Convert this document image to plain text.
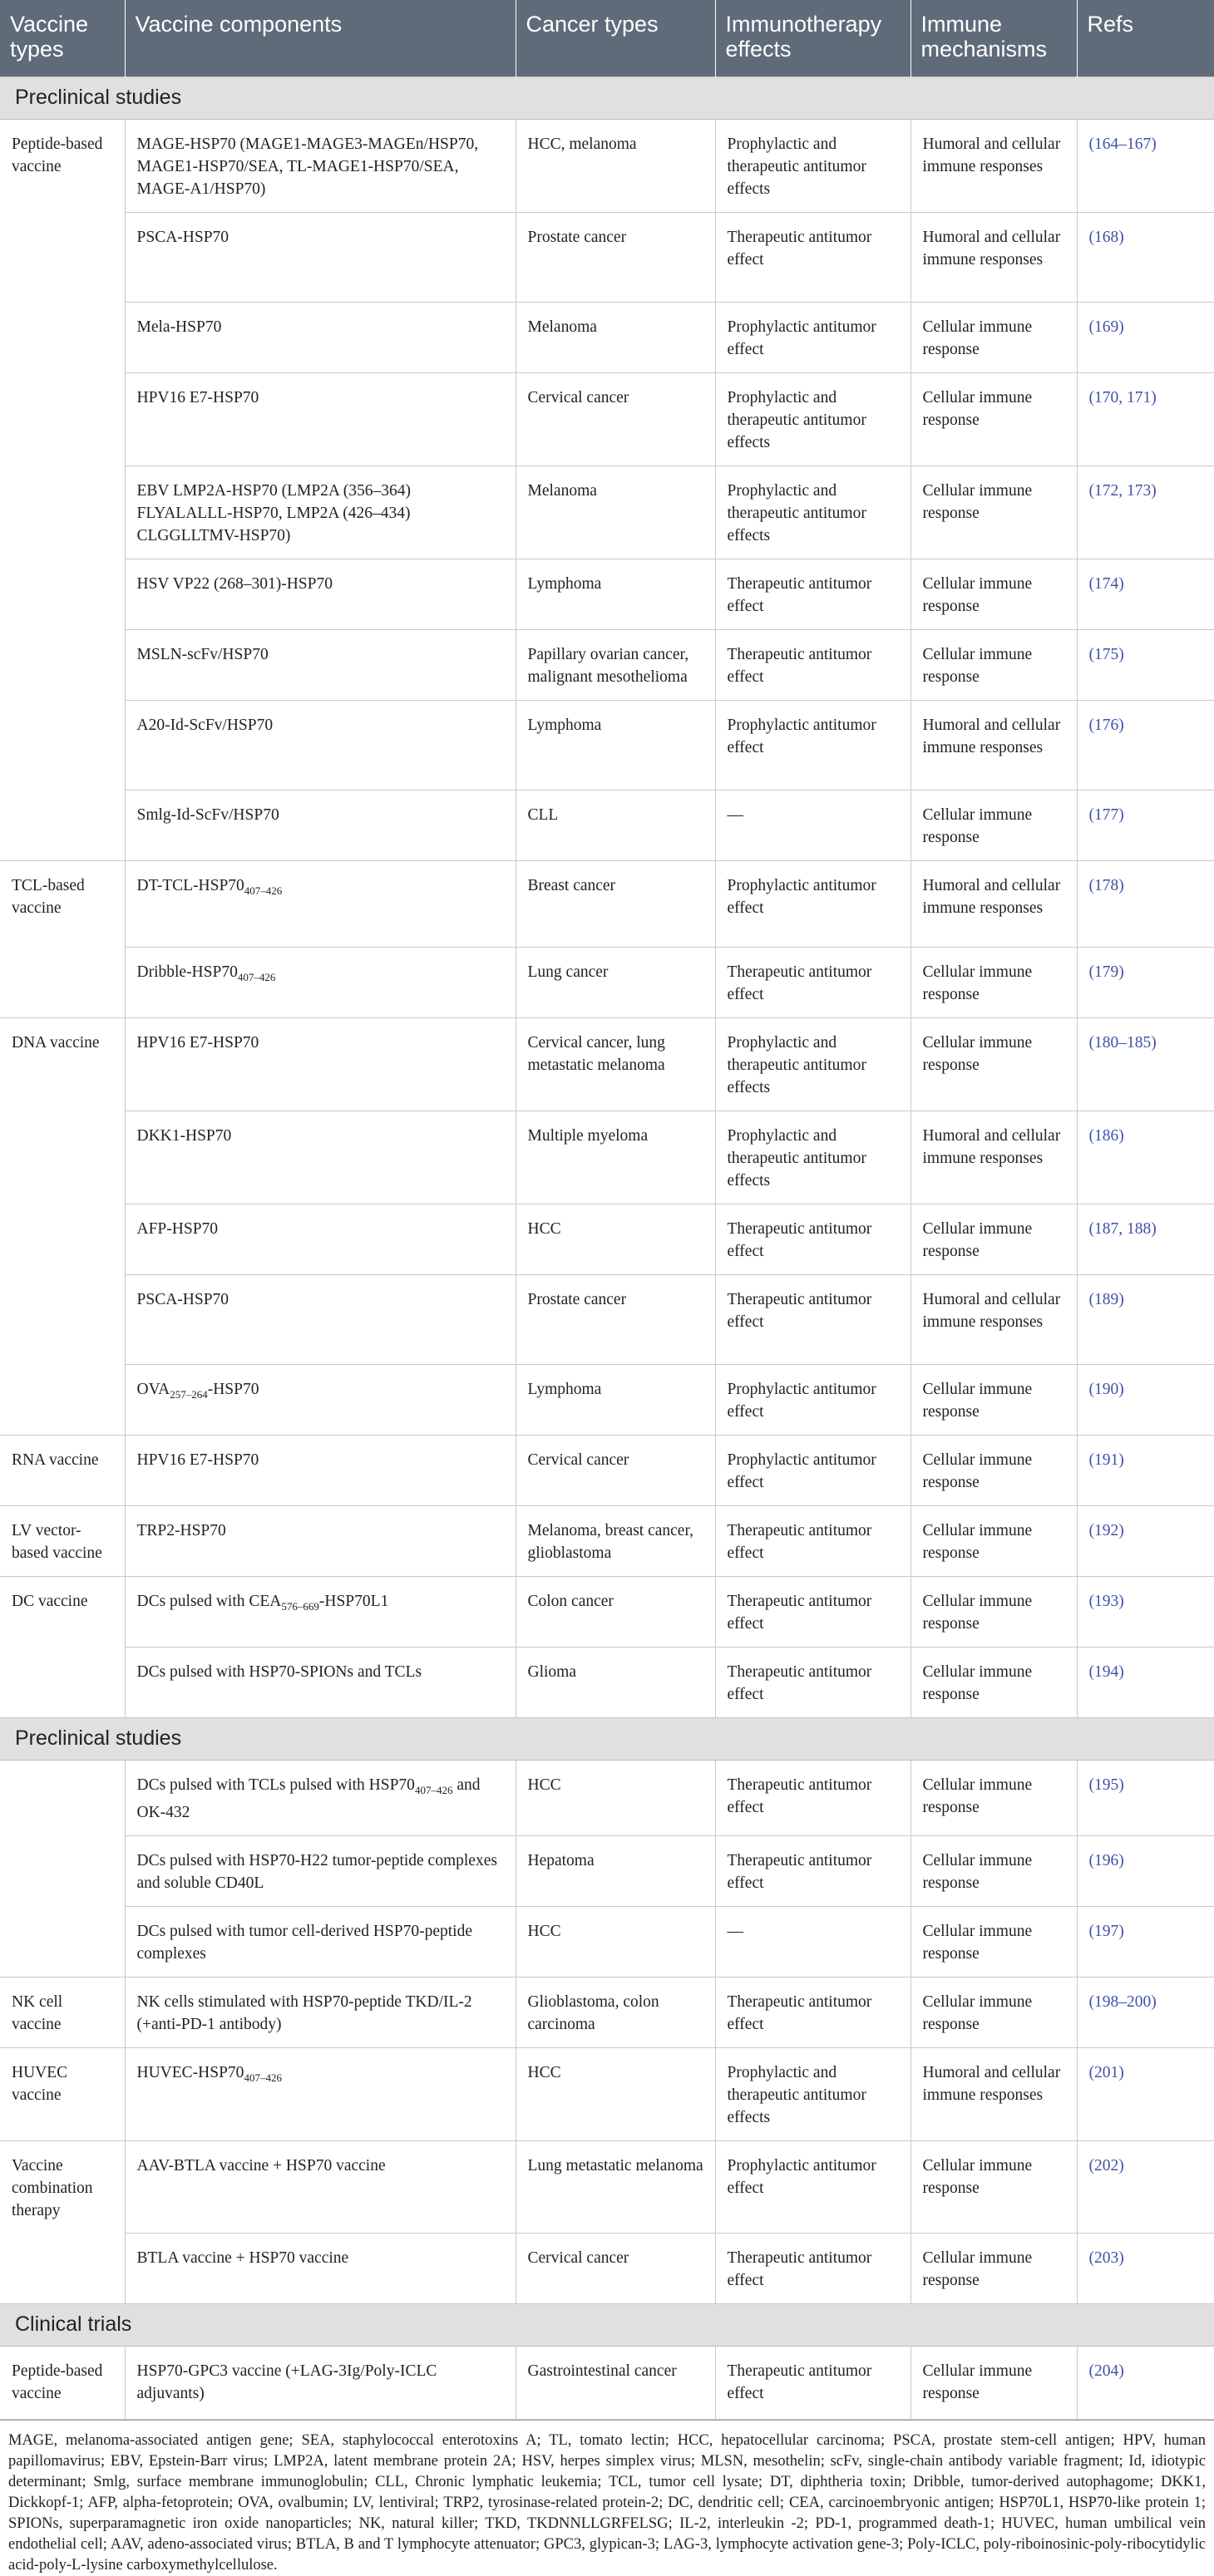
Vaccine types	Vaccine components	Cancer types	Immunotherapy effects	Immune mechanisms	Refs
Preclinical studies					
Peptide-based vaccine	MAGE-HSP70 (MAGE1-MAGE3-MAGEn/HSP70, MAGE1-HSP70/SEA, TL-MAGE1-HSP70/SEA, MAGE-A1/HSP70)	HCC, melanoma	Prophylactic and therapeutic antitumor effects	Humoral and cellular immune responses	(164–167)
	PSCA-HSP70	Prostate cancer	Therapeutic antitumor effect	Humoral and cellular immune responses	(168)
	Mela-HSP70	Melanoma	Prophylactic antitumor effect	Cellular immune response	(169)
	HPV16 E7-HSP70	Cervical cancer	Prophylactic and therapeutic antitumor effects	Cellular immune response	(170, 171)
	EBV LMP2A-HSP70 (LMP2A (356–364) FLYALALLL-HSP70, LMP2A (426–434) CLGGLLTMV-HSP70)	Melanoma	Prophylactic and therapeutic antitumor effects	Cellular immune response	(172, 173)
	HSV VP22 (268–301)-HSP70	Lymphoma	Therapeutic antitumor effect	Cellular immune response	(174)
	MSLN-scFv/HSP70	Papillary ovarian cancer, malignant mesothelioma	Therapeutic antitumor effect	Cellular immune response	(175)
	A20-Id-ScFv/HSP70	Lymphoma	Prophylactic antitumor effect	Humoral and cellular immune responses	(176)
	Smlg-Id-ScFv/HSP70	CLL	—	Cellular immune response	(177)
TCL-based vaccine	$DT-TCL-HSP70_{407-426}$	Breast cancer	Prophylactic antitumor effect	Humoral and cellular immune responses	(178)
	Dribble-$HSP70_{407-426}$	Lung cancer	Therapeutic antitumor effect	Cellular immune response	(179)
DNA vaccine	HPV16 E7-HSP70	Cervical cancer, lung metastatic melanoma	Prophylactic and therapeutic antitumor effects	Cellular immune response	(180–185)
	DKK1-HSP70	Multiple myeloma	Prophylactic and therapeutic antitumor effects	Humoral and cellular immune responses	(186)
	AFP-HSP70	HCC	Therapeutic antitumor effect	Cellular immune response	(187, 188)
	PSCA-HSP70	Prostate cancer	Therapeutic antitumor effect	Humoral and cellular immune responses	(189)
	$OVA_{257-264}-HSP70$	Lymphoma	Prophylactic antitumor effect	Cellular immune response	(190)
RNA vaccine	HPV16 E7-HSP70	Cervical cancer	Prophylactic antitumor effect	Cellular immune response	(191)
LV vector-based vaccine	TRP2-HSP70	Melanoma, breast cancer, glioblastoma	Therapeutic antitumor effect	Cellular immune response	(192)
DC vaccine	DCs pulsed with $CEA_{576-669}-HSP70L1$	Colon cancer	Therapeutic antitumor effect	Cellular immune response	(193)
	DCs pulsed with HSP70-SPIONs and TCLs	Glioma	Therapeutic antitumor effect	Cellular immune response	(194)
Preclinical studies					
	DCs pulsed with TCLs pulsed with $HSP70_{407-426}$ and OK-432	HCC	Therapeutic antitumor effect	Cellular immune response	(195)
	DCs pulsed with HSP70-H22 tumor-peptide complexes and soluble CD40L	Hepatoma	Therapeutic antitumor effect	Cellular immune response	(196)
	DCs pulsed with tumor cell-derived HSP70-peptide complexes	HCC	—	Cellular immune response	(197)
NK cell vaccine	NK cells stimulated with HSP70-peptide TKD/IL-2 (+anti-PD-1 antibody)	Glioblastoma, colon carcinoma	Therapeutic antitumor effect	Cellular immune response	(198–200)
HUVEC vaccine	HUVEC-$HSP70_{407-426}$	HCC	Prophylactic and therapeutic antitumor effects	Humoral and cellular immune responses	(201)
Vaccine combination therapy	AAV-BTLA vaccine + HSP70 vaccine	Lung metastatic melanoma	Prophylactic antitumor effect	Cellular immune response	(202)
	BTLA vaccine + HSP70 vaccine	Cervical cancer	Therapeutic antitumor effect	Cellular immune response	(203)
Clinical trials					
Peptide-based vaccine	HSP70-GPC3 vaccine (+LAG-3Ig/Poly-ICLC adjuvants)	Gastrointestinal cancer	Therapeutic antitumor effect	Cellular immune response	(204)
MAGE, melanoma-associated antigen gene; SEA, staphylococcal enterotoxins A; TL, tomato lectin; HCC, hepatocellular carcinoma; PSCA, prostate stem-cell antigen; HPV, human papillomavirus; EBV, Epstein-Barr virus; LMP2A, latent membrane protein 2A; HSV, herpes simplex virus; MLSN, mesothelin; scFv, single-chain antibody variable fragment; Id, idiotypic determinant; Smlg, surface membrane immunoglobulin; CLL, Chronic lymphatic leukemia; TCL, tumor cell lysate; DT, diphtheria toxin; Dribble, tumor-derived autophagome; DKK1, Dickkopf-1; AFP, alpha-fetoprotein; OVA, ovalbumin; LV, lentiviral; TRP2, tyrosinase-related protein-2; DC, dendritic cell; CEA, carcinoembryonic antigen; HSP70L1, HSP70-like protein 1; SPIONs, superparamagnetic iron oxide nanoparticles; NK, natural killer; TKD, TKDNNLLGRFELSG; IL-2, interleukin -2; PD-1, programmed death-1; HUVEC, human umbilical vein endothelial cell; AAV, adeno-associated virus; BTLA, B and T lymphocyte attenuator; GPC3, glypican-3; LAG-3, lymphocyte activation gene-3; Poly-ICLC, poly-riboinosinic-poly-ribocytidylic acid-poly-L-lysine carboxymethylcellulose.
